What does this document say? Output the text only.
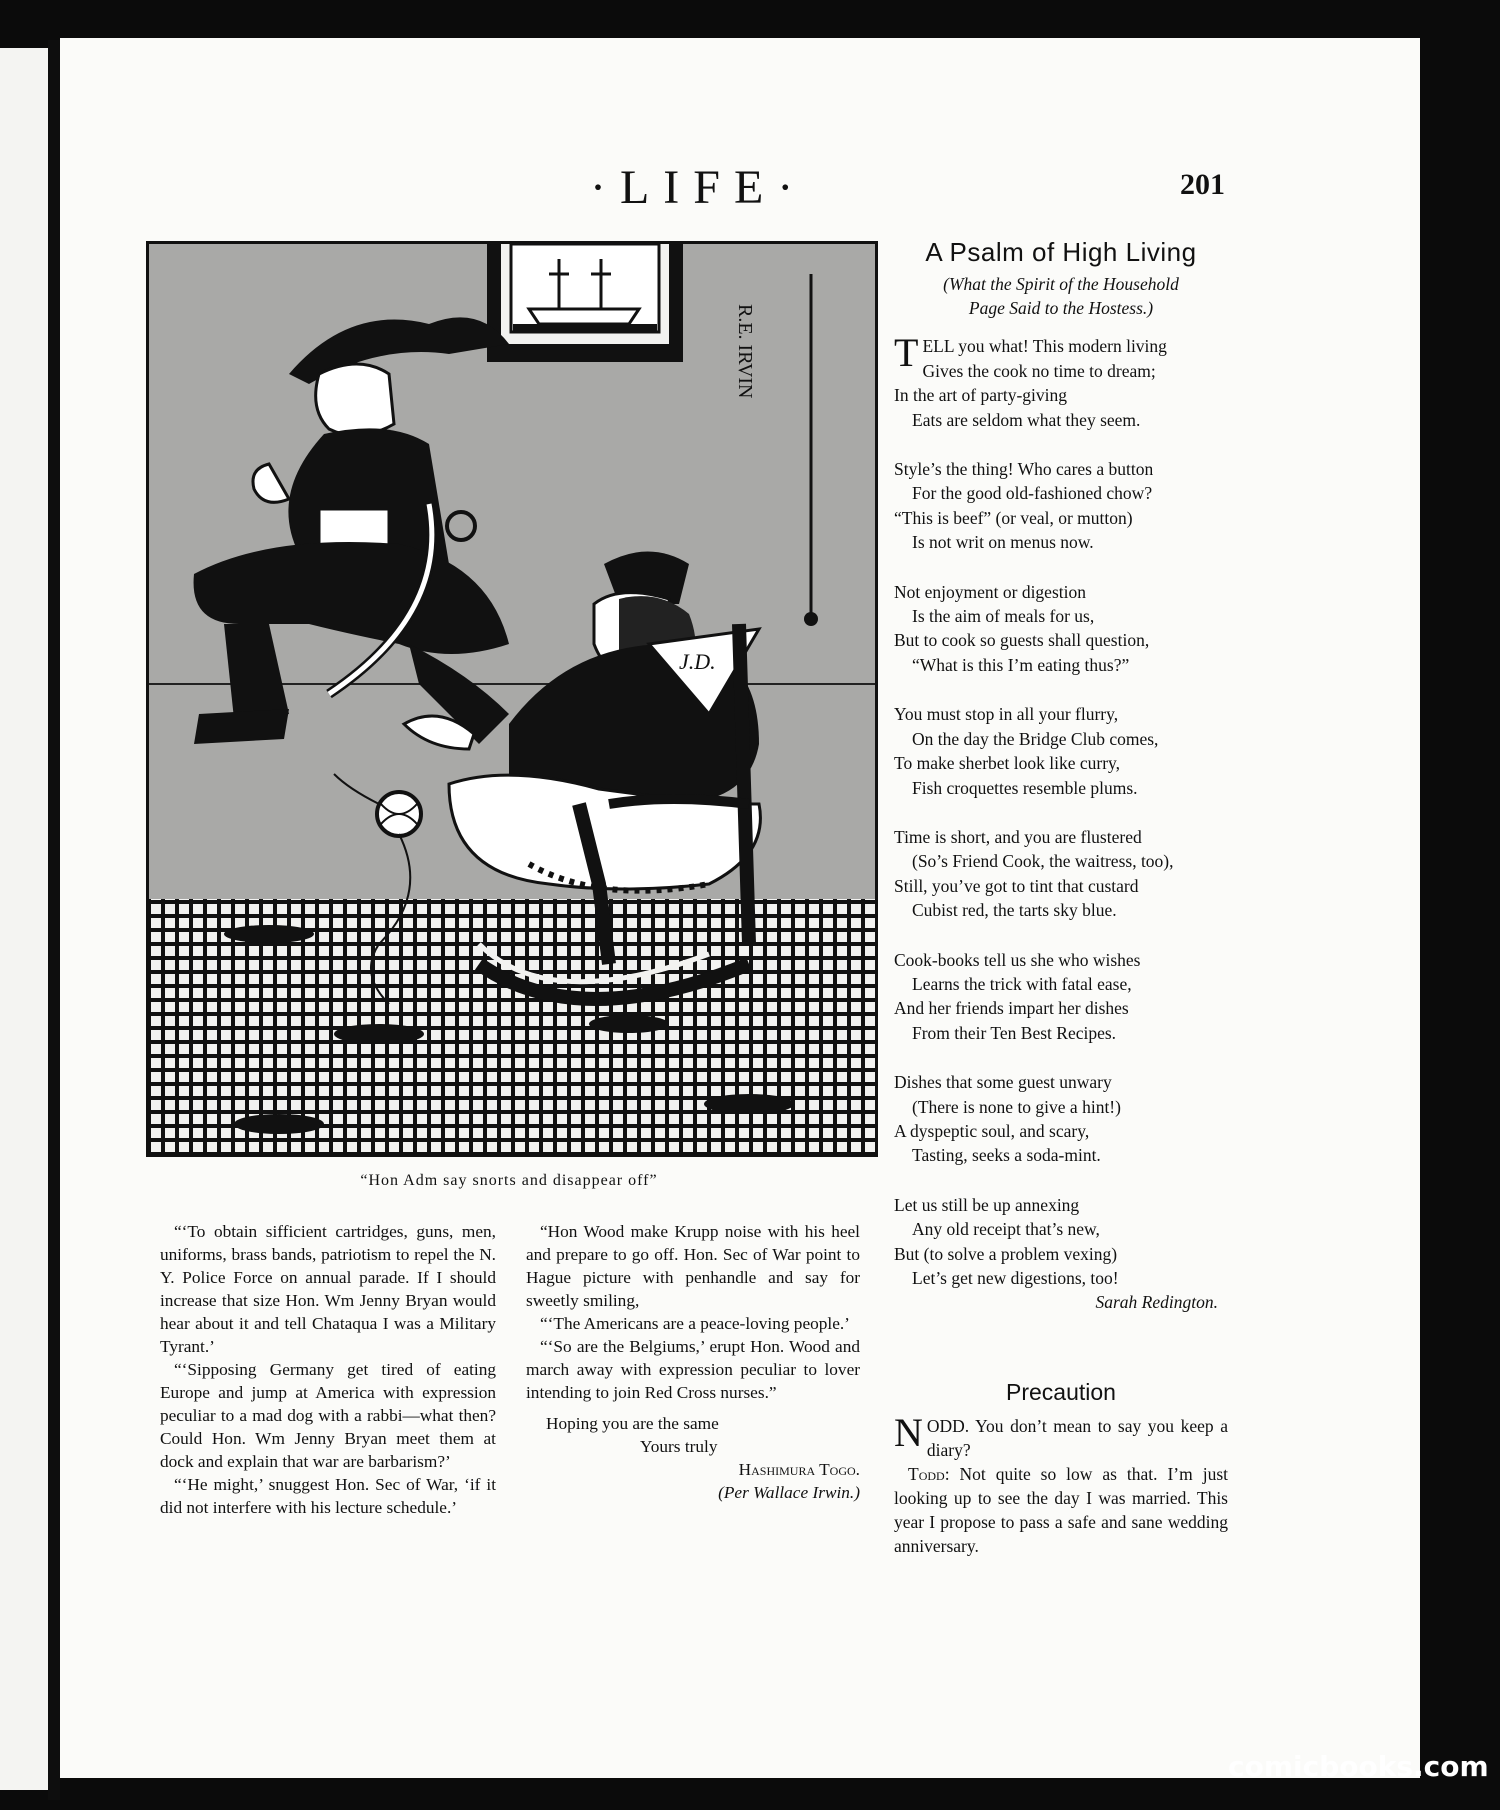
·LIFE·	201
R.E. IRVIN
J.D.
“Hon Adm say snorts and disappear off”

“‘To obtain sifficient cartridges, guns, men, uniforms, brass bands, patriotism to repel the N. Y. Police Force on annual parade. If I should increase that size Hon. Wm Jenny Bryan would hear about it and tell Chataqua I was a Military Tyrant.’

“‘Sipposing Germany get tired of eating Europe and jump at America with expression peculiar to a mad dog with a rabbi—what then? Could Hon. Wm Jenny Bryan meet them at dock and explain that war are barbarism?’

“‘He might,’ snuggest Hon. Sec of War, ‘if it did not interfere with his lecture schedule.’

“Hon Wood make Krupp noise with his heel and prepare to go off. Hon. Sec of War point to Hague picture with penhandle and say for sweetly smiling,

“‘The Americans are a peace-loving people.’

“‘So are the Belgiums,’ erupt Hon. Wood and march away with expression peculiar to lover intending to join Red Cross nurses.”

Hoping you are the same

Yours truly

Hashimura Togo.

(Per Wallace Irwin.)

A Psalm of High Living
(What the Spirit of the Household
Page Said to the Hostess.)
TELL you what! This modern living
Gives the cook no time to dream;
In the art of party-giving
Eats are seldom what they seem.
Style’s the thing! Who cares a button
For the good old-fashioned chow?
“This is beef” (or veal, or mutton)
Is not writ on menus now.
Not enjoyment or digestion
Is the aim of meals for us,
But to cook so guests shall question,
“What is this I’m eating thus?”
You must stop in all your flurry,
On the day the Bridge Club comes,
To make sherbet look like curry,
Fish croquettes resemble plums.
Time is short, and you are flustered
(So’s Friend Cook, the waitress, too),
Still, you’ve got to tint that custard
Cubist red, the tarts sky blue.
Cook-books tell us she who wishes
Learns the trick with fatal ease,
And her friends impart her dishes
From their Ten Best Recipes.
Dishes that some guest unwary
(There is none to give a hint!)
A dyspeptic soul, and scary,
Tasting, seeks a soda-mint.
Let us still be up annexing
Any old receipt that’s new,
But (to solve a problem vexing)
Let’s get new digestions, too!
Sarah Redington.
Precaution
N ODD. You don’t mean to say you keep a diary?
Todd: Not quite so low as that. I’m just looking up to see the day I was married. This year I propose to pass a safe and sane wedding anniversary.
comicbooks.com
